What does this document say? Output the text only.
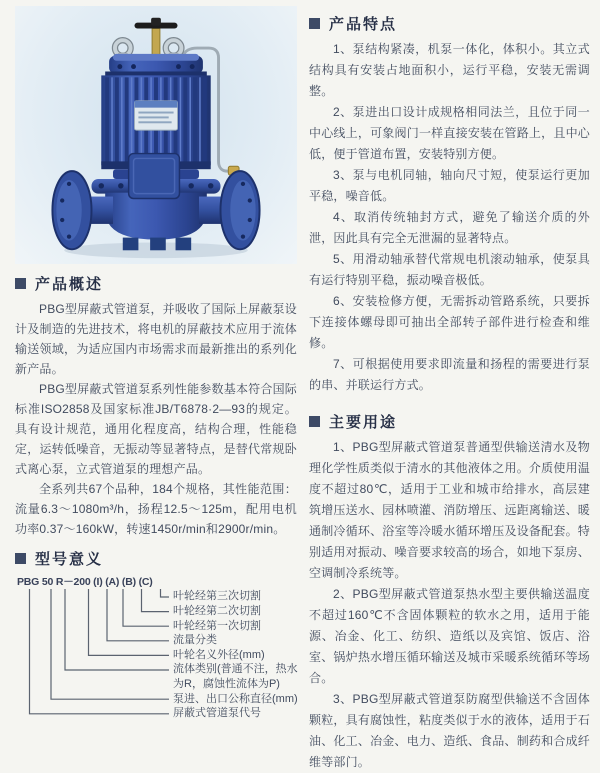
产品概述

PBG型屏蔽式管道泵，并吸收了国际上屏蔽泵设计及制造的先进技术，将电机的屏蔽技术应用于流体输送领域，为适应国内市场需求而最新推出的系列化新产品。

PBG型屏蔽式管道泵系列性能参数基本符合国际标准ISO2858及国家标准JB/T6878·2—93的规定。具有设计规范，通用化程度高，结构合理，性能稳定，运转低噪音，无振动等显著特点，是替代常规卧式离心泵，立式管道泵的理想产品。

全系列共67个品种，184个规格，其性能范围：流量6.3～1080m³/h，扬程12.5～125m，配用电机功率0.37～160kW，转速1450r/min和2900r/min。

型号意义
PBG 50 R－200 (I) (A) (B) (C)
叶轮经第三次切割
叶轮经第二次切割
叶轮经第一次切割
流量分类
叶轮名义外径(mm)
流体类别(普通不注，热水为R，腐蚀性流体为P)
泵进、出口公称直径(mm)
屏蔽式管道泵代号
产品特点

1、泵结构紧凑，机泵一体化，体积小。其立式结构具有安装占地面积小，运行平稳，安装无需调整。

2、泵进出口设计成规格相同法兰，且位于同一中心线上，可象阀门一样直接安装在管路上，且中心低，便于管道布置，安装特别方便。

3、泵与电机同轴，轴向尺寸短，使泵运行更加平稳，噪音低。

4、取消传统轴封方式，避免了输送介质的外泄，因此具有完全无泄漏的显著特点。

5、用滑动轴承替代常规电机滚动轴承，使泵具有运行特别平稳，振动噪音极低。

6、安装检修方便，无需拆动管路系统，只要拆下连接体螺母即可抽出全部转子部件进行检查和维修。

7、可根据使用要求即流量和扬程的需要进行泵的串、并联运行方式。

主要用途

1、PBG型屏蔽式管道泵普通型供输送清水及物理化学性质类似于清水的其他液体之用。介质使用温度不超过80℃，适用于工业和城市给排水，高层建筑增压送水、园林喷灌、消防增压、远距离输送、暖通制冷循环、浴室等冷暖水循环增压及设备配套。特别适用对振动、噪音要求较高的场合，如地下泵房、空调制冷系统等。

2、PBG型屏蔽式管道泵热水型主要供输送温度不超过160℃不含固体颗粒的软水之用，适用于能源、冶金、化工、纺织、造纸以及宾馆、饭店、浴室、锅炉热水增压循环输送及城市采暖系统循环等场合。

3、PBG型屏蔽式管道泵防腐型供输送不含固体颗粒，具有腐蚀性，粘度类似于水的液体，适用于石油、化工、冶金、电力、造纸、食品、制药和合成纤维等部门。
